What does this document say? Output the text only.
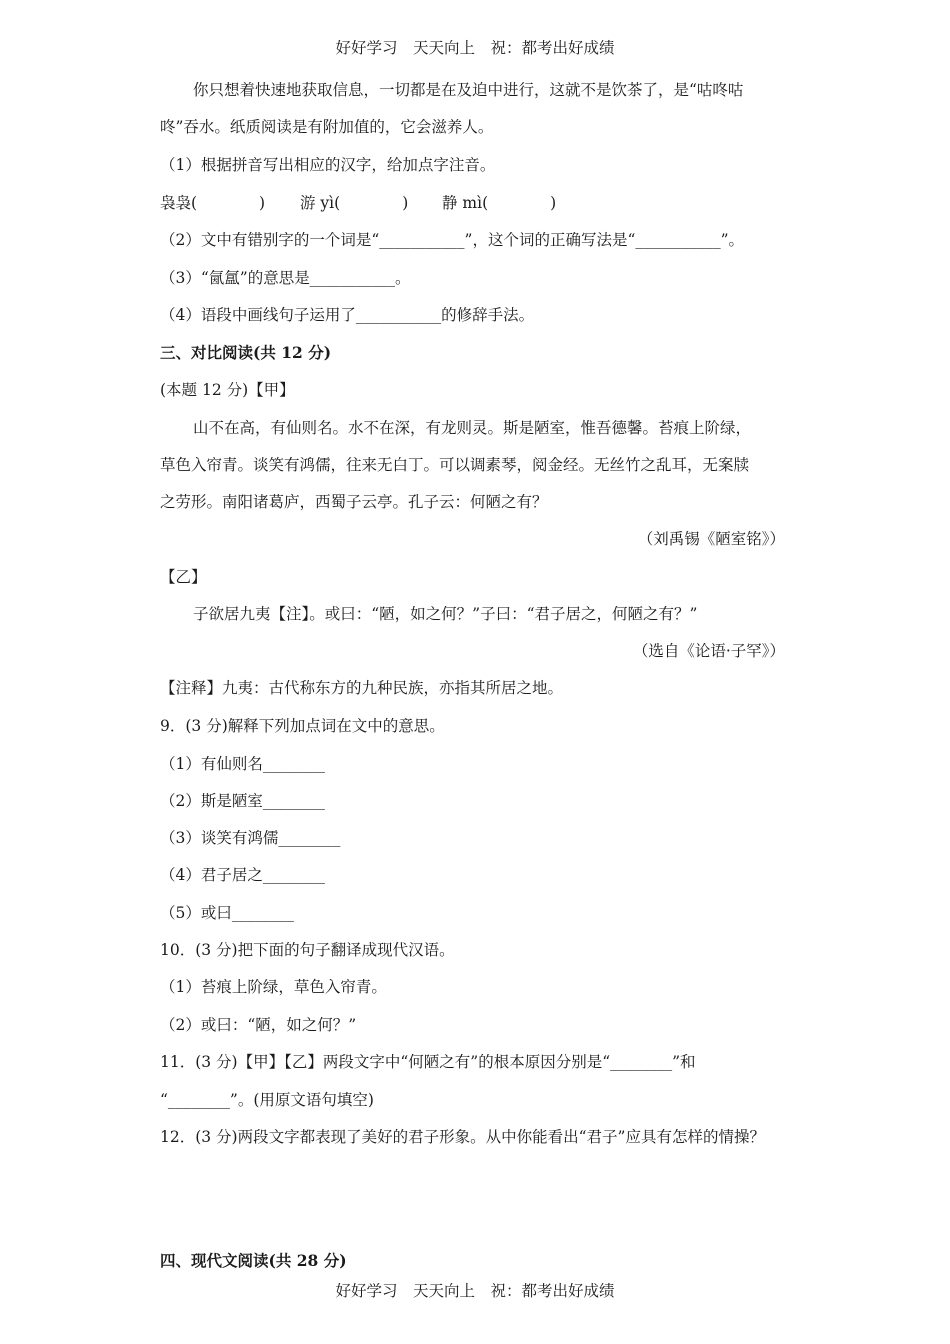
好好学习　天天向上　祝：都考出好成绩
你只想着快速地获取信息，一切都是在及迫中进行，这就不是饮茶了，是“咕咚咕
咚”吞水。纸质阅读是有附加值的，它会滋养人。
（1）根据拼音写出相应的汉字，给加点字注音。
袅袅(　　　　) 游 yì(　　　　) 静 mì(　　　　)
（2）文中有错别字的一个词是“___________”，这个词的正确写法是“___________”。
（3）“氤氲”的意思是___________。
（4）语段中画线句子运用了___________的修辞手法。
三、对比阅读(共 12 分)
(本题 12 分)【甲】
山不在高，有仙则名。水不在深，有龙则灵。斯是陋室，惟吾德馨。苔痕上阶绿，
草色入帘青。谈笑有鸿儒，往来无白丁。可以调素琴，阅金经。无丝竹之乱耳，无案牍
之劳形。南阳诸葛庐，西蜀子云亭。孔子云：何陋之有？
（刘禹锡《陋室铭》）
【乙】
子欲居九夷【注】。或曰：“陋，如之何？”子曰：“君子居之，何陋之有？”
（选自《论语·子罕》）
【注释】九夷：古代称东方的九种民族，亦指其所居之地。
9．(3 分)解释下列加点词在文中的意思。
（1）有仙则名________
（2）斯是陋室________
（3）谈笑有鸿儒________
（4）君子居之________
（5）或曰________
10．(3 分)把下面的句子翻译成现代汉语。
（1）苔痕上阶绿，草色入帘青。
（2）或曰：“陋，如之何？”
11．(3 分)【甲】【乙】两段文字中“何陋之有”的根本原因分别是“________”和
“________”。(用原文语句填空)
12．(3 分)两段文字都表现了美好的君子形象。从中你能看出“君子”应具有怎样的情操？
四、现代文阅读(共 28 分)
好好学习　天天向上　祝：都考出好成绩
